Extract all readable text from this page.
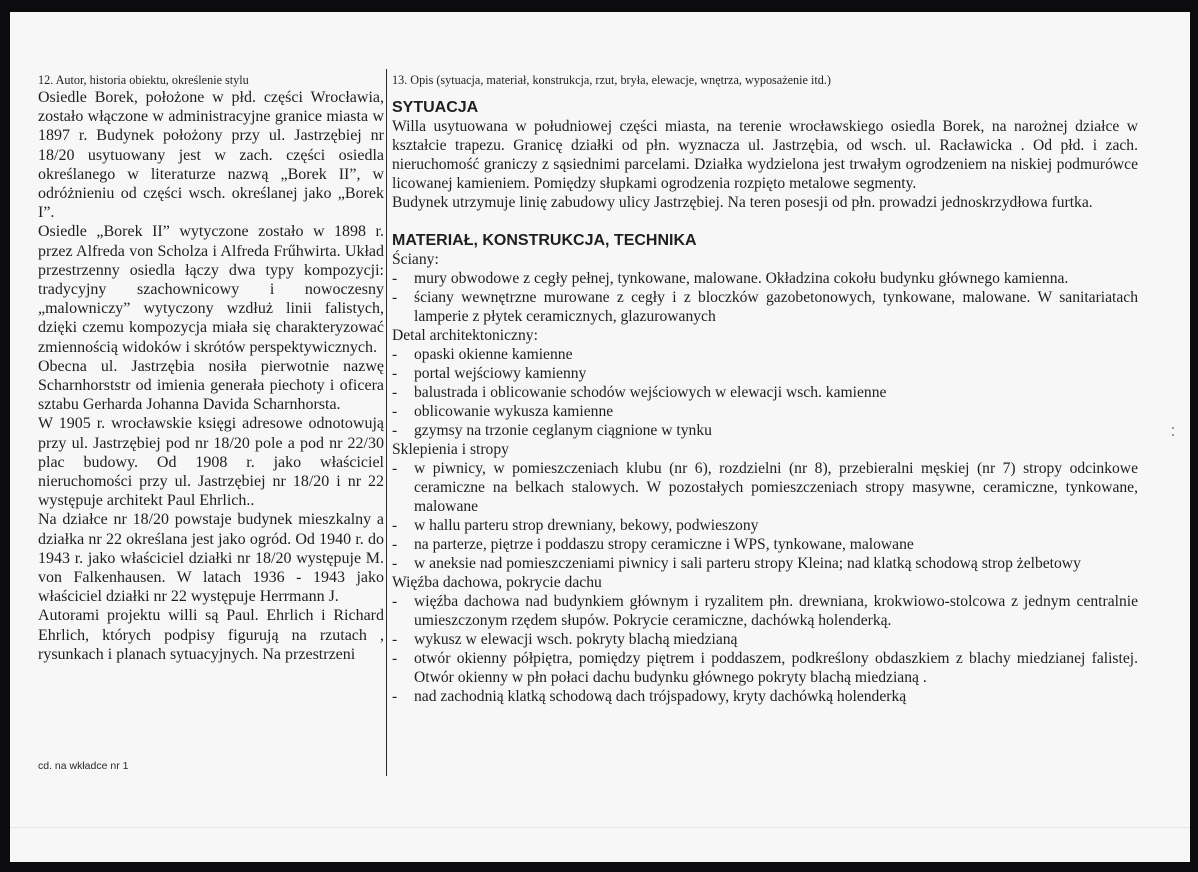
12. Autor, historia obiektu, określenie stylu

Osiedle Borek, położone w płd. części Wrocławia, zostało włączone w administracyjne granice miasta w 1897 r. Budynek położony przy ul. Jastrzębiej nr 18/20 usytuowany jest w zach. części osiedla określanego w literaturze nazwą „Borek II”, w odróżnieniu od części wsch. określanej jako „Borek I”.

Osiedle „Borek II” wytyczone zostało w 1898 r. przez Alfreda von Scholza i Alfreda Frűhwirta. Układ przestrzenny osiedla łączy dwa typy kompozycji: tradycyjny szachownicowy i nowoczesny „malowniczy” wytyczony wzdłuż linii falistych, dzięki czemu kompozycja miała się charakteryzować zmiennością widoków i skrótów perspektywicznych.

Obecna ul. Jastrzębia nosiła pierwotnie nazwę Scharnhorststr od imienia generała piechoty i oficera sztabu Gerharda Johanna Davida Scharnhorsta.

W 1905 r. wrocławskie księgi adresowe odnotowują przy ul. Jastrzębiej pod nr 18/20 pole a pod nr 22/30 plac budowy. Od 1908 r. jako właściciel nieruchomości przy ul. Jastrzębiej nr 18/20 i nr 22 występuje architekt Paul Ehrlich..

Na działce nr 18/20 powstaje budynek mieszkalny a działka nr 22 określana jest jako ogród. Od 1940 r. do 1943 r. jako właściciel działki nr 18/20 występuje M. von Falkenhausen. W latach 1936 - 1943 jako właściciel działki nr 22 występuje Herrmann J.

Autorami projektu willi są Paul. Ehrlich i Richard Ehrlich, których podpisy figurują na rzutach , rysunkach i planach sytuacyjnych. Na przestrzeni

cd. na wkładce nr 1
13. Opis (sytuacja, materiał, konstrukcja, rzut, bryła, elewacje, wnętrza, wyposażenie itd.)
SYTUACJA

Willa usytuowana w południowej części miasta, na terenie wrocławskiego osiedla Borek, na narożnej działce w kształcie trapezu. Granicę działki od płn. wyznacza ul. Jastrzębia, od wsch. ul. Racławicka . Od płd. i zach. nieruchomość graniczy z sąsiednimi parcelami. Działka wydzielona jest trwałym ogrodzeniem na niskiej podmurówce licowanej kamieniem. Pomiędzy słupkami ogrodzenia rozpięto metalowe segmenty.

Budynek utrzymuje linię zabudowy ulicy Jastrzębiej. Na teren posesji od płn. prowadzi jednoskrzydłowa furtka.

MATERIAŁ, KONSTRUKCJA, TECHNIKA

Ściany:

-	mury obwodowe z cegły pełnej, tynkowane, malowane. Okładzina cokołu budynku głównego kamienna.
-	ściany wewnętrzne murowane z cegły i z bloczków gazobetonowych, tynkowane, malowane. W sanitariatach lamperie z płytek ceramicznych, glazurowanych

Detal architektoniczny:

-	opaski okienne kamienne
-	portal wejściowy kamienny
-	balustrada i oblicowanie schodów wejściowych w elewacji wsch. kamienne
-	oblicowanie wykusza kamienne
-	gzymsy na trzonie ceglanym ciągnione w tynku

Sklepienia i stropy

-	w piwnicy, w pomieszczeniach klubu (nr 6), rozdzielni (nr 8), przebieralni męskiej (nr 7) stropy odcinkowe ceramiczne na belkach stalowych. W pozostałych pomieszczeniach stropy masywne, ceramiczne, tynkowane, malowane
-	w hallu parteru strop drewniany, bekowy, podwieszony
-	na parterze, piętrze i poddaszu stropy ceramiczne i WPS, tynkowane, malowane
-	w aneksie nad pomieszczeniami piwnicy i sali parteru stropy Kleina; nad klatką schodową strop żelbetowy

Więźba dachowa, pokrycie dachu

-	więźba dachowa nad budynkiem głównym i ryzalitem płn. drewniana, krokwiowo-stolcowa z jednym centralnie umieszczonym rzędem słupów. Pokrycie ceramiczne, dachówką holenderką.
-	wykusz w elewacji wsch. pokryty blachą miedzianą
-	otwór okienny półpiętra, pomiędzy piętrem i poddaszem, podkreślony obdaszkiem z blachy miedzianej falistej. Otwór okienny w płn połaci dachu budynku głównego pokryty blachą miedzianą .
-	nad zachodnią klatką schodową dach trójspadowy, kryty dachówką holenderką
